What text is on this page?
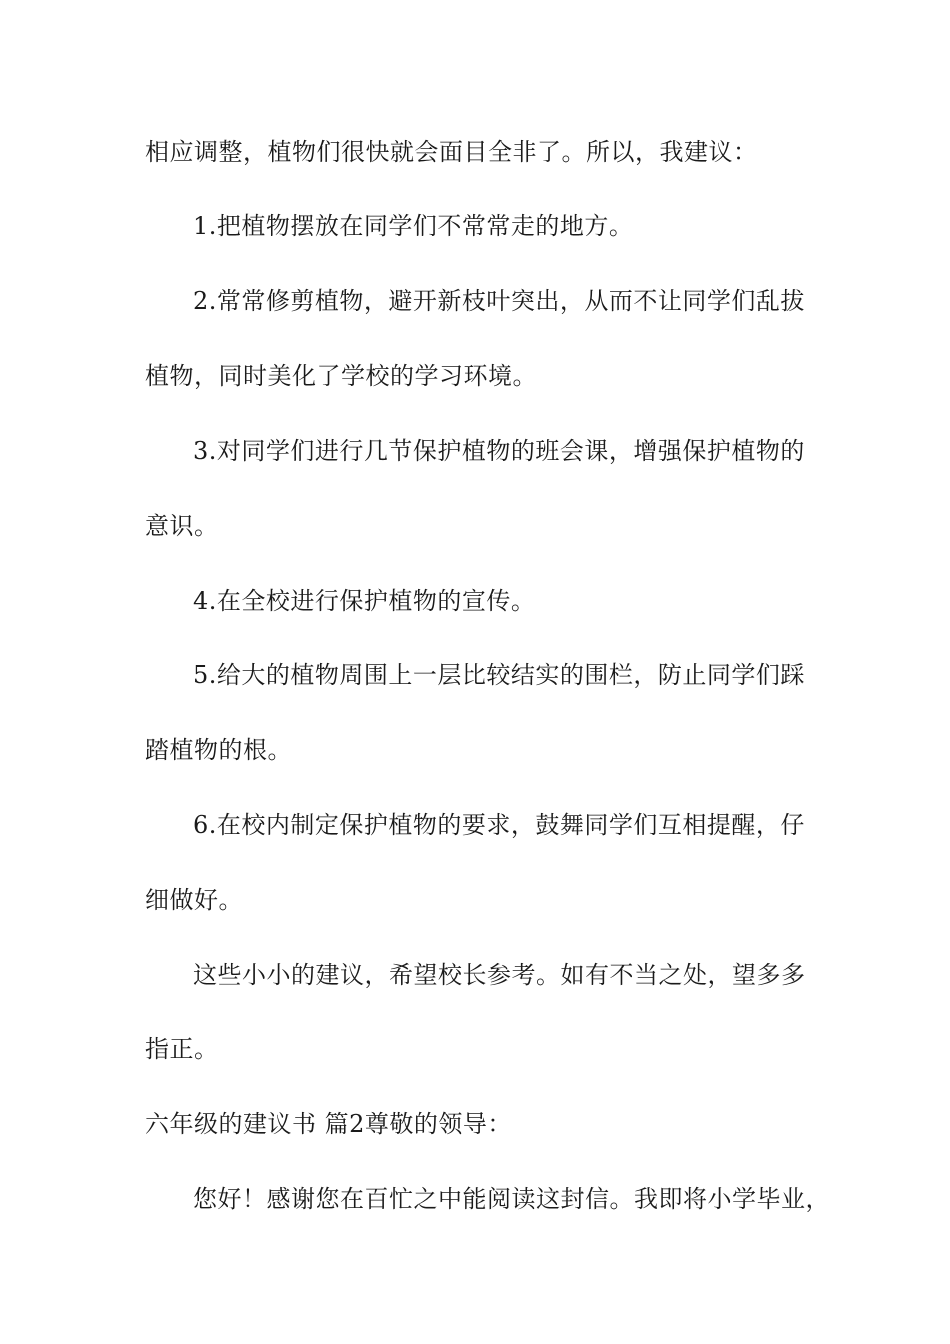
相应调整，植物们很快就会面目全非了。所以，我建议：
1.把植物摆放在同学们不常常走的地方。
2.常常修剪植物，避开新枝叶突出，从而不让同学们乱拔
植物，同时美化了学校的学习环境。
3.对同学们进行几节保护植物的班会课，增强保护植物的
意识。
4.在全校进行保护植物的宣传。
5.给大的植物周围上一层比较结实的围栏，防止同学们踩
踏植物的根。
6.在校内制定保护植物的要求，鼓舞同学们互相提醒，仔
细做好。
这些小小的建议，希望校长参考。如有不当之处，望多多
指正。
六年级的建议书 篇2尊敬的领导：
您好！感谢您在百忙之中能阅读这封信。我即将小学毕业，
